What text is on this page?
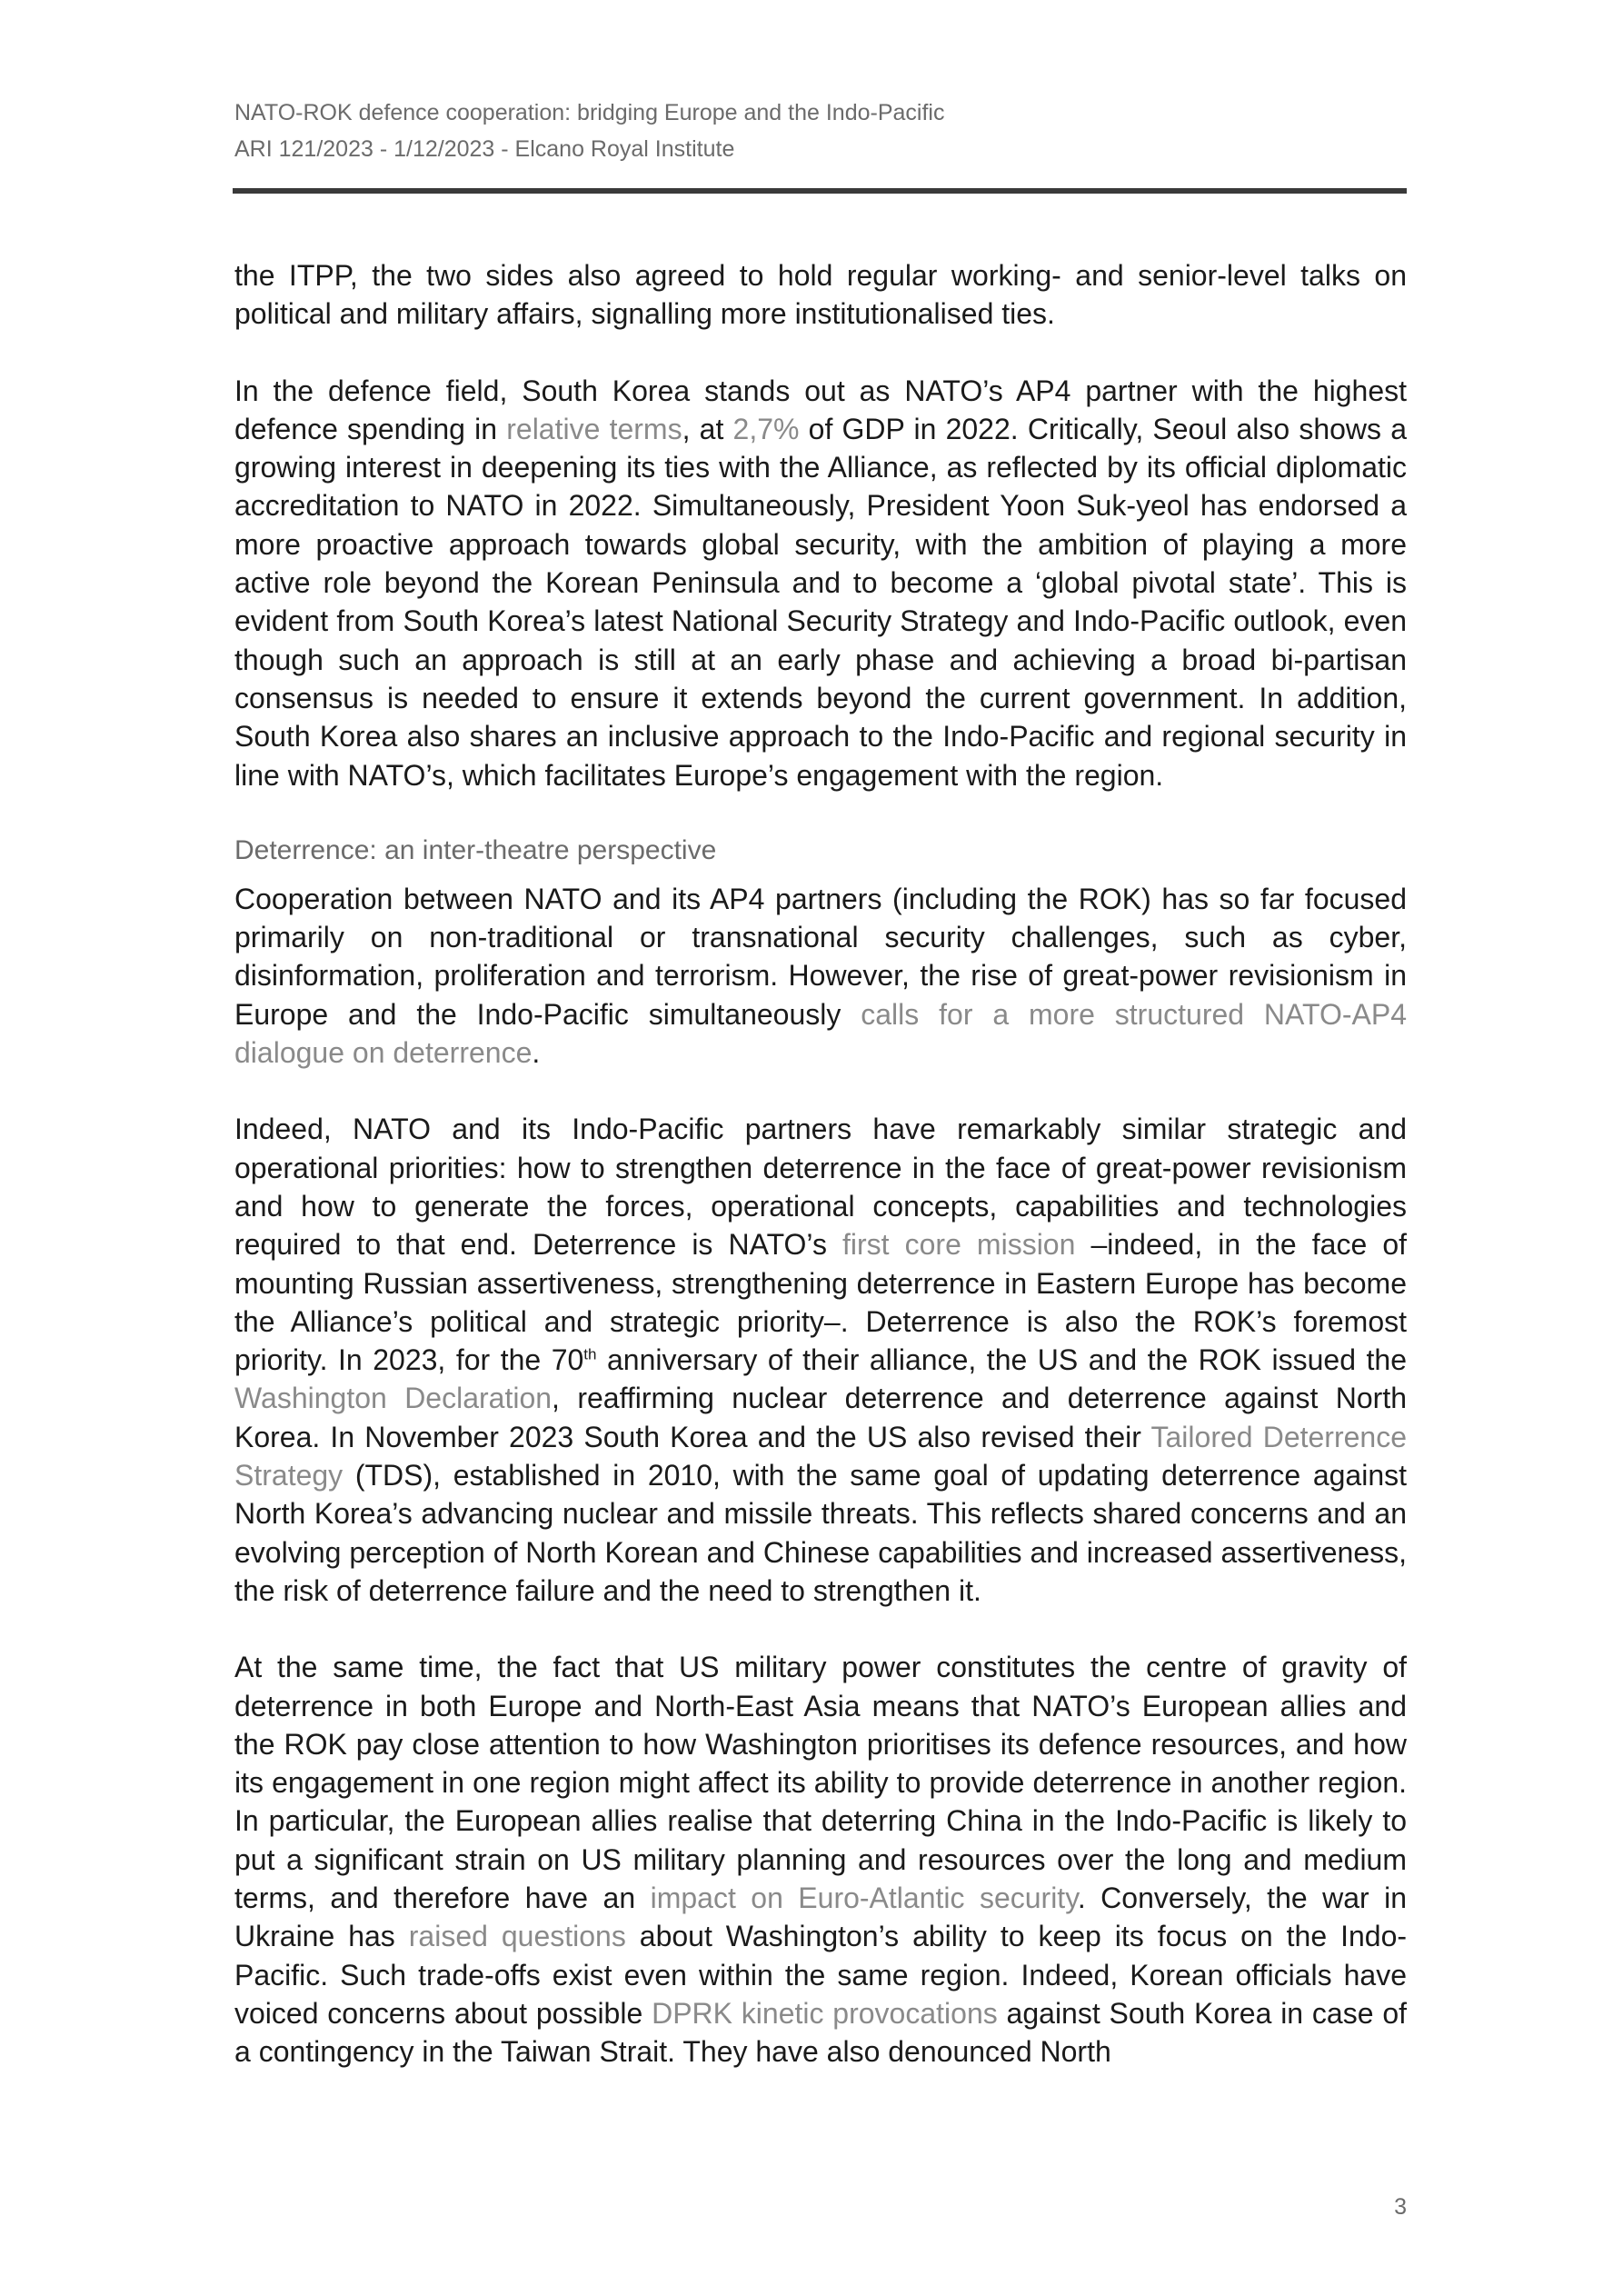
NATO-ROK defence cooperation: bridging Europe and the Indo-Pacific
ARI 121/2023 - 1/12/2023 - Elcano Royal Institute

the ITPP, the two sides also agreed to hold regular working- and senior-level talks on political and military affairs, signalling more institutionalised ties.

In the defence field, South Korea stands out as NATO’s AP4 partner with the highest defence spending in relative terms, at 2,7% of GDP in 2022. Critically, Seoul also shows a growing interest in deepening its ties with the Alliance, as reflected by its official diplomatic accreditation to NATO in 2022. Simultaneously, President Yoon Suk-yeol has endorsed a more proactive approach towards global security, with the ambition of playing a more active role beyond the Korean Peninsula and to become a ‘global pivotal state’. This is evident from South Korea’s latest National Security Strategy and Indo-Pacific outlook, even though such an approach is still at an early phase and achieving a broad bi-partisan consensus is needed to ensure it extends beyond the current government. In addition, South Korea also shares an inclusive approach to the Indo-Pacific and regional security in line with NATO’s, which facilitates Europe’s engagement with the region.

Deterrence: an inter-theatre perspective

Cooperation between NATO and its AP4 partners (including the ROK) has so far focused primarily on non-traditional or transnational security challenges, such as cyber, disinformation, proliferation and terrorism. However, the rise of great-power revisionism in Europe and the Indo-Pacific simultaneously calls for a more structured NATO-AP4 dialogue on deterrence.

Indeed, NATO and its Indo-Pacific partners have remarkably similar strategic and operational priorities: how to strengthen deterrence in the face of great-power revisionism and how to generate the forces, operational concepts, capabilities and technologies required to that end. Deterrence is NATO’s first core mission –indeed, in the face of mounting Russian assertiveness, strengthening deterrence in Eastern Europe has become the Alliance’s political and strategic priority–. Deterrence is also the ROK’s foremost priority. In 2023, for the 70th anniversary of their alliance, the US and the ROK issued the Washington Declaration, reaffirming nuclear deterrence and deterrence against North Korea. In November 2023 South Korea and the US also revised their Tailored Deterrence Strategy (TDS), established in 2010, with the same goal of updating deterrence against North Korea’s advancing nuclear and missile threats. This reflects shared concerns and an evolving perception of North Korean and Chinese capabilities and increased assertiveness, the risk of deterrence failure and the need to strengthen it.

At the same time, the fact that US military power constitutes the centre of gravity of deterrence in both Europe and North-East Asia means that NATO’s European allies and the ROK pay close attention to how Washington prioritises its defence resources, and how its engagement in one region might affect its ability to provide deterrence in another region. In particular, the European allies realise that deterring China in the Indo-Pacific is likely to put a significant strain on US military planning and resources over the long and medium terms, and therefore have an impact on Euro-Atlantic security. Conversely, the war in Ukraine has raised questions about Washington’s ability to keep its focus on the Indo-Pacific. Such trade-offs exist even within the same region. Indeed, Korean officials have voiced concerns about possible DPRK kinetic provocations against South Korea in case of a contingency in the Taiwan Strait. They have also denounced North

3
